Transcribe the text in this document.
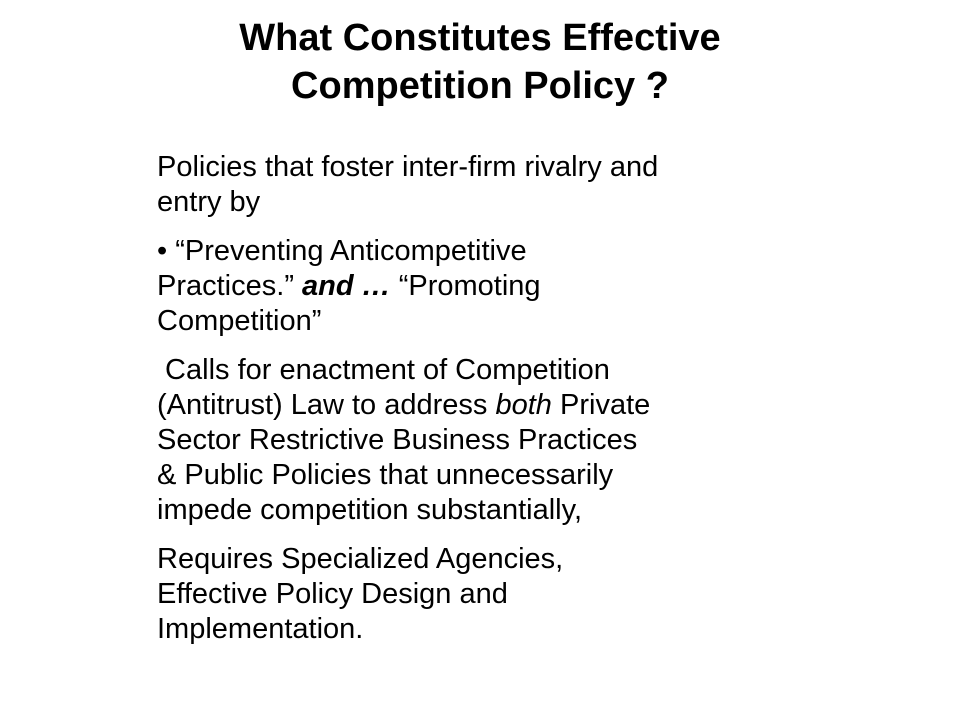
What Constitutes Effective
Competition Policy ?

Policies that foster inter-firm rivalry and
entry by

• “Preventing Anticompetitive
Practices.” and … “Promoting
Competition”

Calls for enactment of Competition
(Antitrust) Law to address both Private
Sector Restrictive Business Practices
& Public Policies that unnecessarily
impede competition substantially,

Requires Specialized Agencies,
Effective Policy Design and
Implementation.
